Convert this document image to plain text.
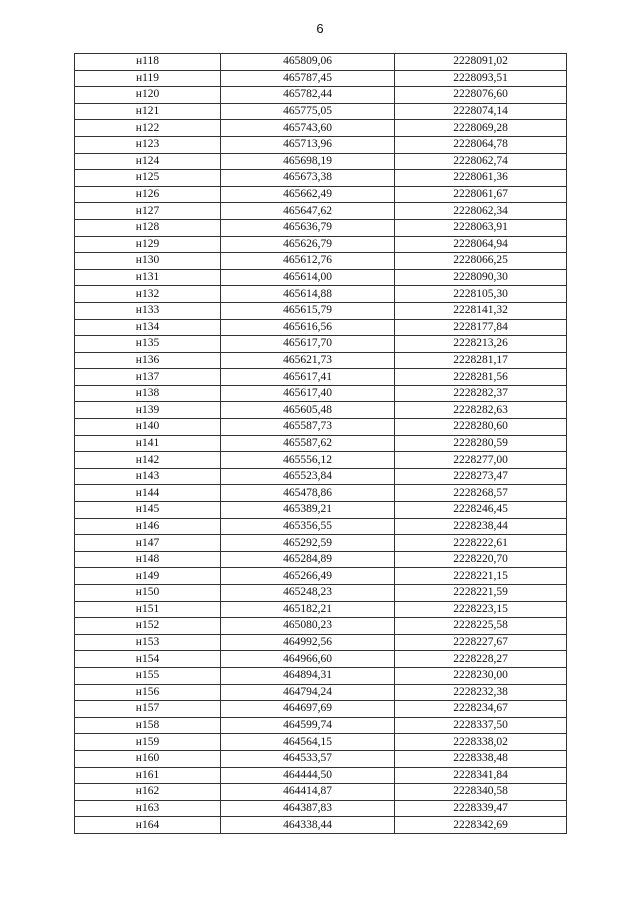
6
н118	465809,06	2228091,02
н119	465787,45	2228093,51
н120	465782,44	2228076,60
н121	465775,05	2228074,14
н122	465743,60	2228069,28
н123	465713,96	2228064,78
н124	465698,19	2228062,74
н125	465673,38	2228061,36
н126	465662,49	2228061,67
н127	465647,62	2228062,34
н128	465636,79	2228063,91
н129	465626,79	2228064,94
н130	465612,76	2228066,25
н131	465614,00	2228090,30
н132	465614,88	2228105,30
н133	465615,79	2228141,32
н134	465616,56	2228177,84
н135	465617,70	2228213,26
н136	465621,73	2228281,17
н137	465617,41	2228281,56
н138	465617,40	2228282,37
н139	465605,48	2228282,63
н140	465587,73	2228280,60
н141	465587,62	2228280,59
н142	465556,12	2228277,00
н143	465523,84	2228273,47
н144	465478,86	2228268,57
н145	465389,21	2228246,45
н146	465356,55	2228238,44
н147	465292,59	2228222,61
н148	465284,89	2228220,70
н149	465266,49	2228221,15
н150	465248,23	2228221,59
н151	465182,21	2228223,15
н152	465080,23	2228225,58
н153	464992,56	2228227,67
н154	464966,60	2228228,27
н155	464894,31	2228230,00
н156	464794,24	2228232,38
н157	464697,69	2228234,67
н158	464599,74	2228337,50
н159	464564,15	2228338,02
н160	464533,57	2228338,48
н161	464444,50	2228341,84
н162	464414,87	2228340,58
н163	464387,83	2228339,47
н164	464338,44	2228342,69
